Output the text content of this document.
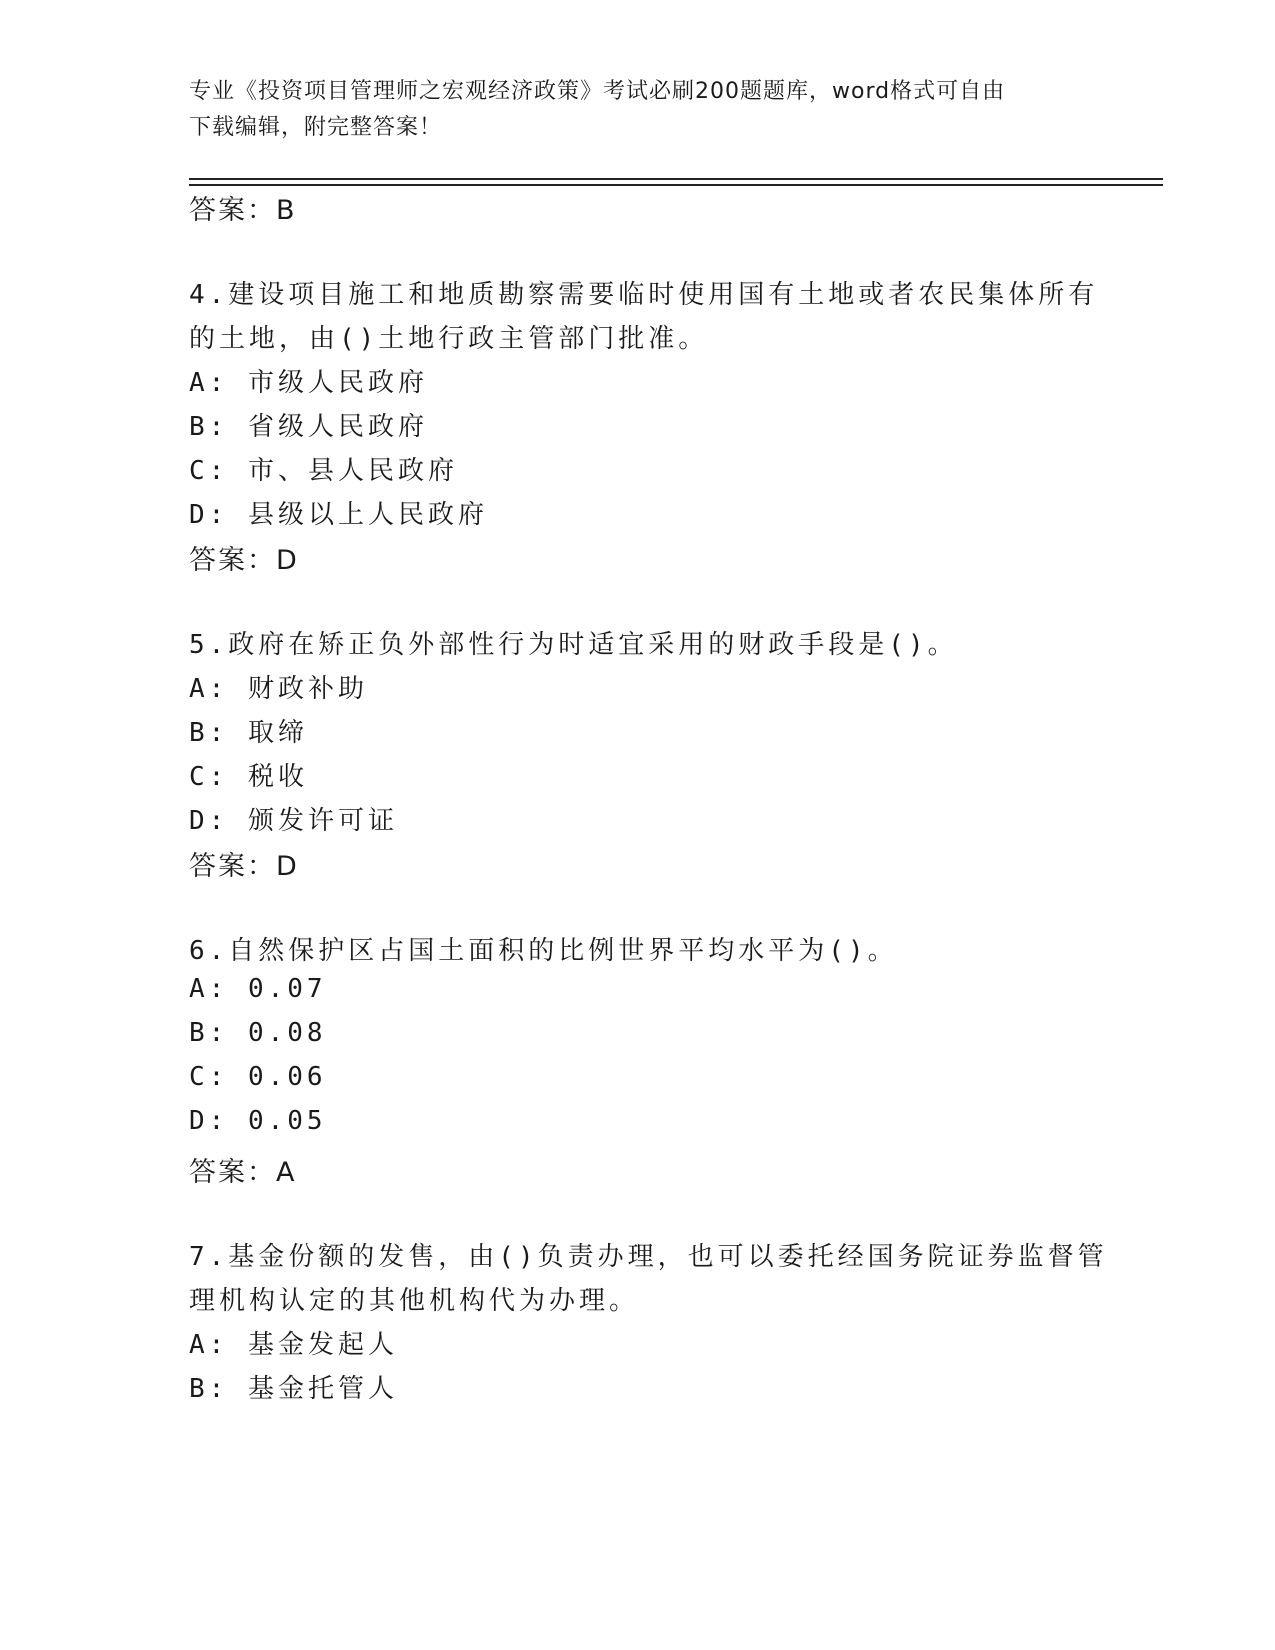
专业《投资项目管理师之宏观经济政策》考试必刷200题题库，word格式可自由
下载编辑，附完整答案！
答案：B
4.建设项目施工和地质勘察需要临时使用国有土地或者农民集体所有
的土地，由()土地行政主管部门批准。
A: 市级人民政府
B: 省级人民政府
C: 市、县人民政府
D: 县级以上人民政府
答案：D
5.政府在矫正负外部性行为时适宜采用的财政手段是()。
A: 财政补助
B: 取缔
C: 税收
D: 颁发许可证
答案：D
6.自然保护区占国土面积的比例世界平均水平为()。
A: 0.07
B: 0.08
C: 0.06
D: 0.05
答案：A
7.基金份额的发售，由()负责办理，也可以委托经国务院证券监督管
理机构认定的其他机构代为办理。
A: 基金发起人
B: 基金托管人
